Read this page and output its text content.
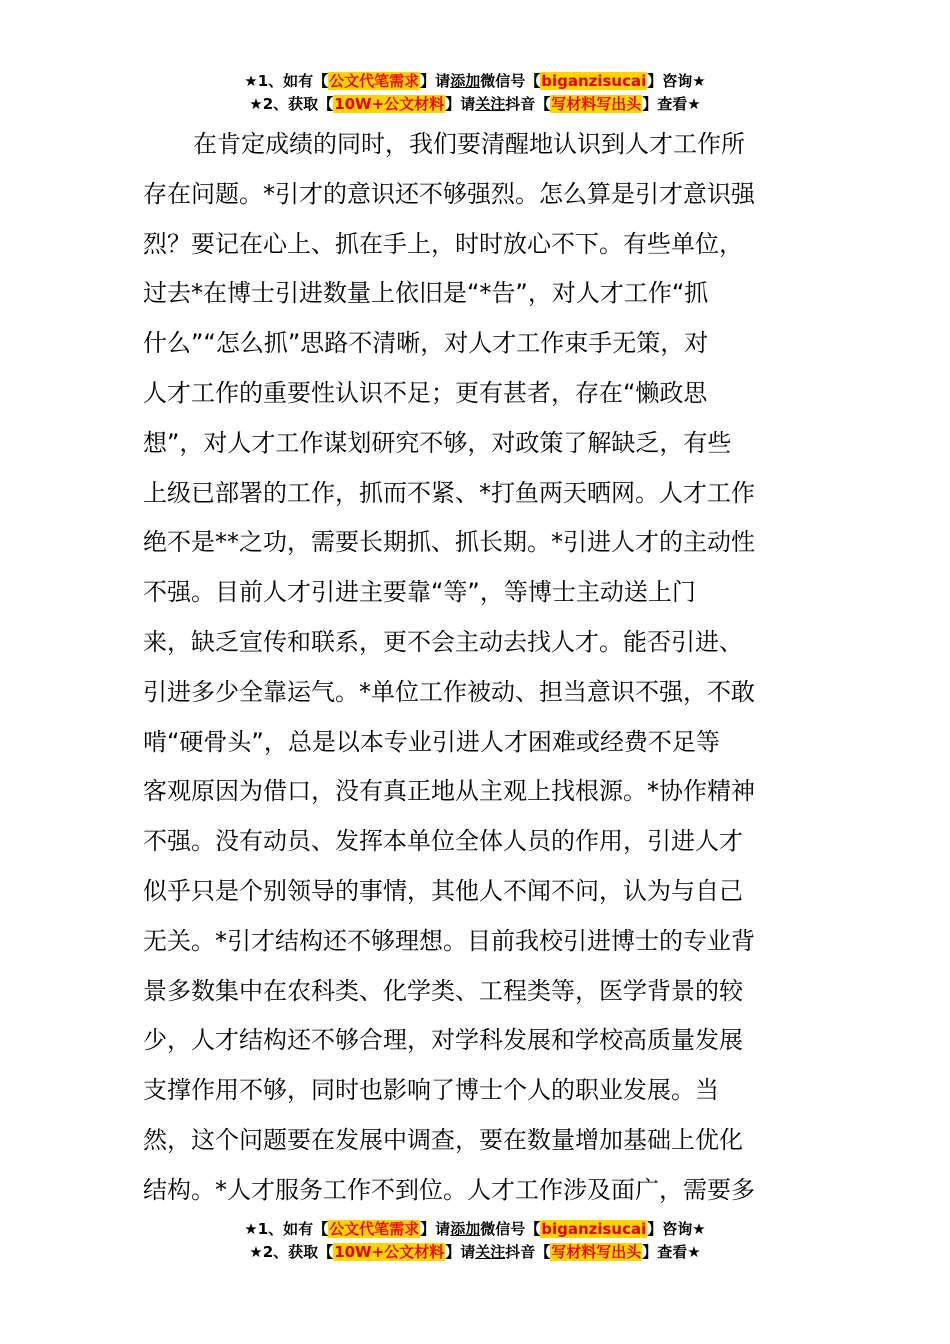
★1、如有【公文代笔需求】请添加微信号【biganzisucai】咨询★
★2、获取【10W+公文材料】请关注抖音【写材料写出头】查看★
在肯定成绩的同时，我们要清醒地认识到人才工作所
存在问题。*引才的意识还不够强烈。怎么算是引才意识强
烈？要记在心上、抓在手上，时时放心不下。有些单位，
过去*在博士引进数量上依旧是“*告”，对人才工作“抓
什么”“怎么抓”思路不清晰，对人才工作束手无策，对
人才工作的重要性认识不足；更有甚者，存在“懒政思
想”，对人才工作谋划研究不够，对政策了解缺乏，有些
上级已部署的工作，抓而不紧、*打鱼两天晒网。人才工作
绝不是**之功，需要长期抓、抓长期。*引进人才的主动性
不强。目前人才引进主要靠“等”，等博士主动送上门
来，缺乏宣传和联系，更不会主动去找人才。能否引进、
引进多少全靠运气。*单位工作被动、担当意识不强，不敢
啃“硬骨头”，总是以本专业引进人才困难或经费不足等
客观原因为借口，没有真正地从主观上找根源。*协作精神
不强。没有动员、发挥本单位全体人员的作用，引进人才
似乎只是个别领导的事情，其他人不闻不问，认为与自己
无关。*引才结构还不够理想。目前我校引进博士的专业背
景多数集中在农科类、化学类、工程类等，医学背景的较
少，人才结构还不够合理，对学科发展和学校高质量发展
支撑作用不够，同时也影响了博士个人的职业发展。当
然，这个问题要在发展中调查，要在数量增加基础上优化
结构。*人才服务工作不到位。人才工作涉及面广，需要多
★1、如有【公文代笔需求】请添加微信号【biganzisucai】咨询★
★2、获取【10W+公文材料】请关注抖音【写材料写出头】查看★
